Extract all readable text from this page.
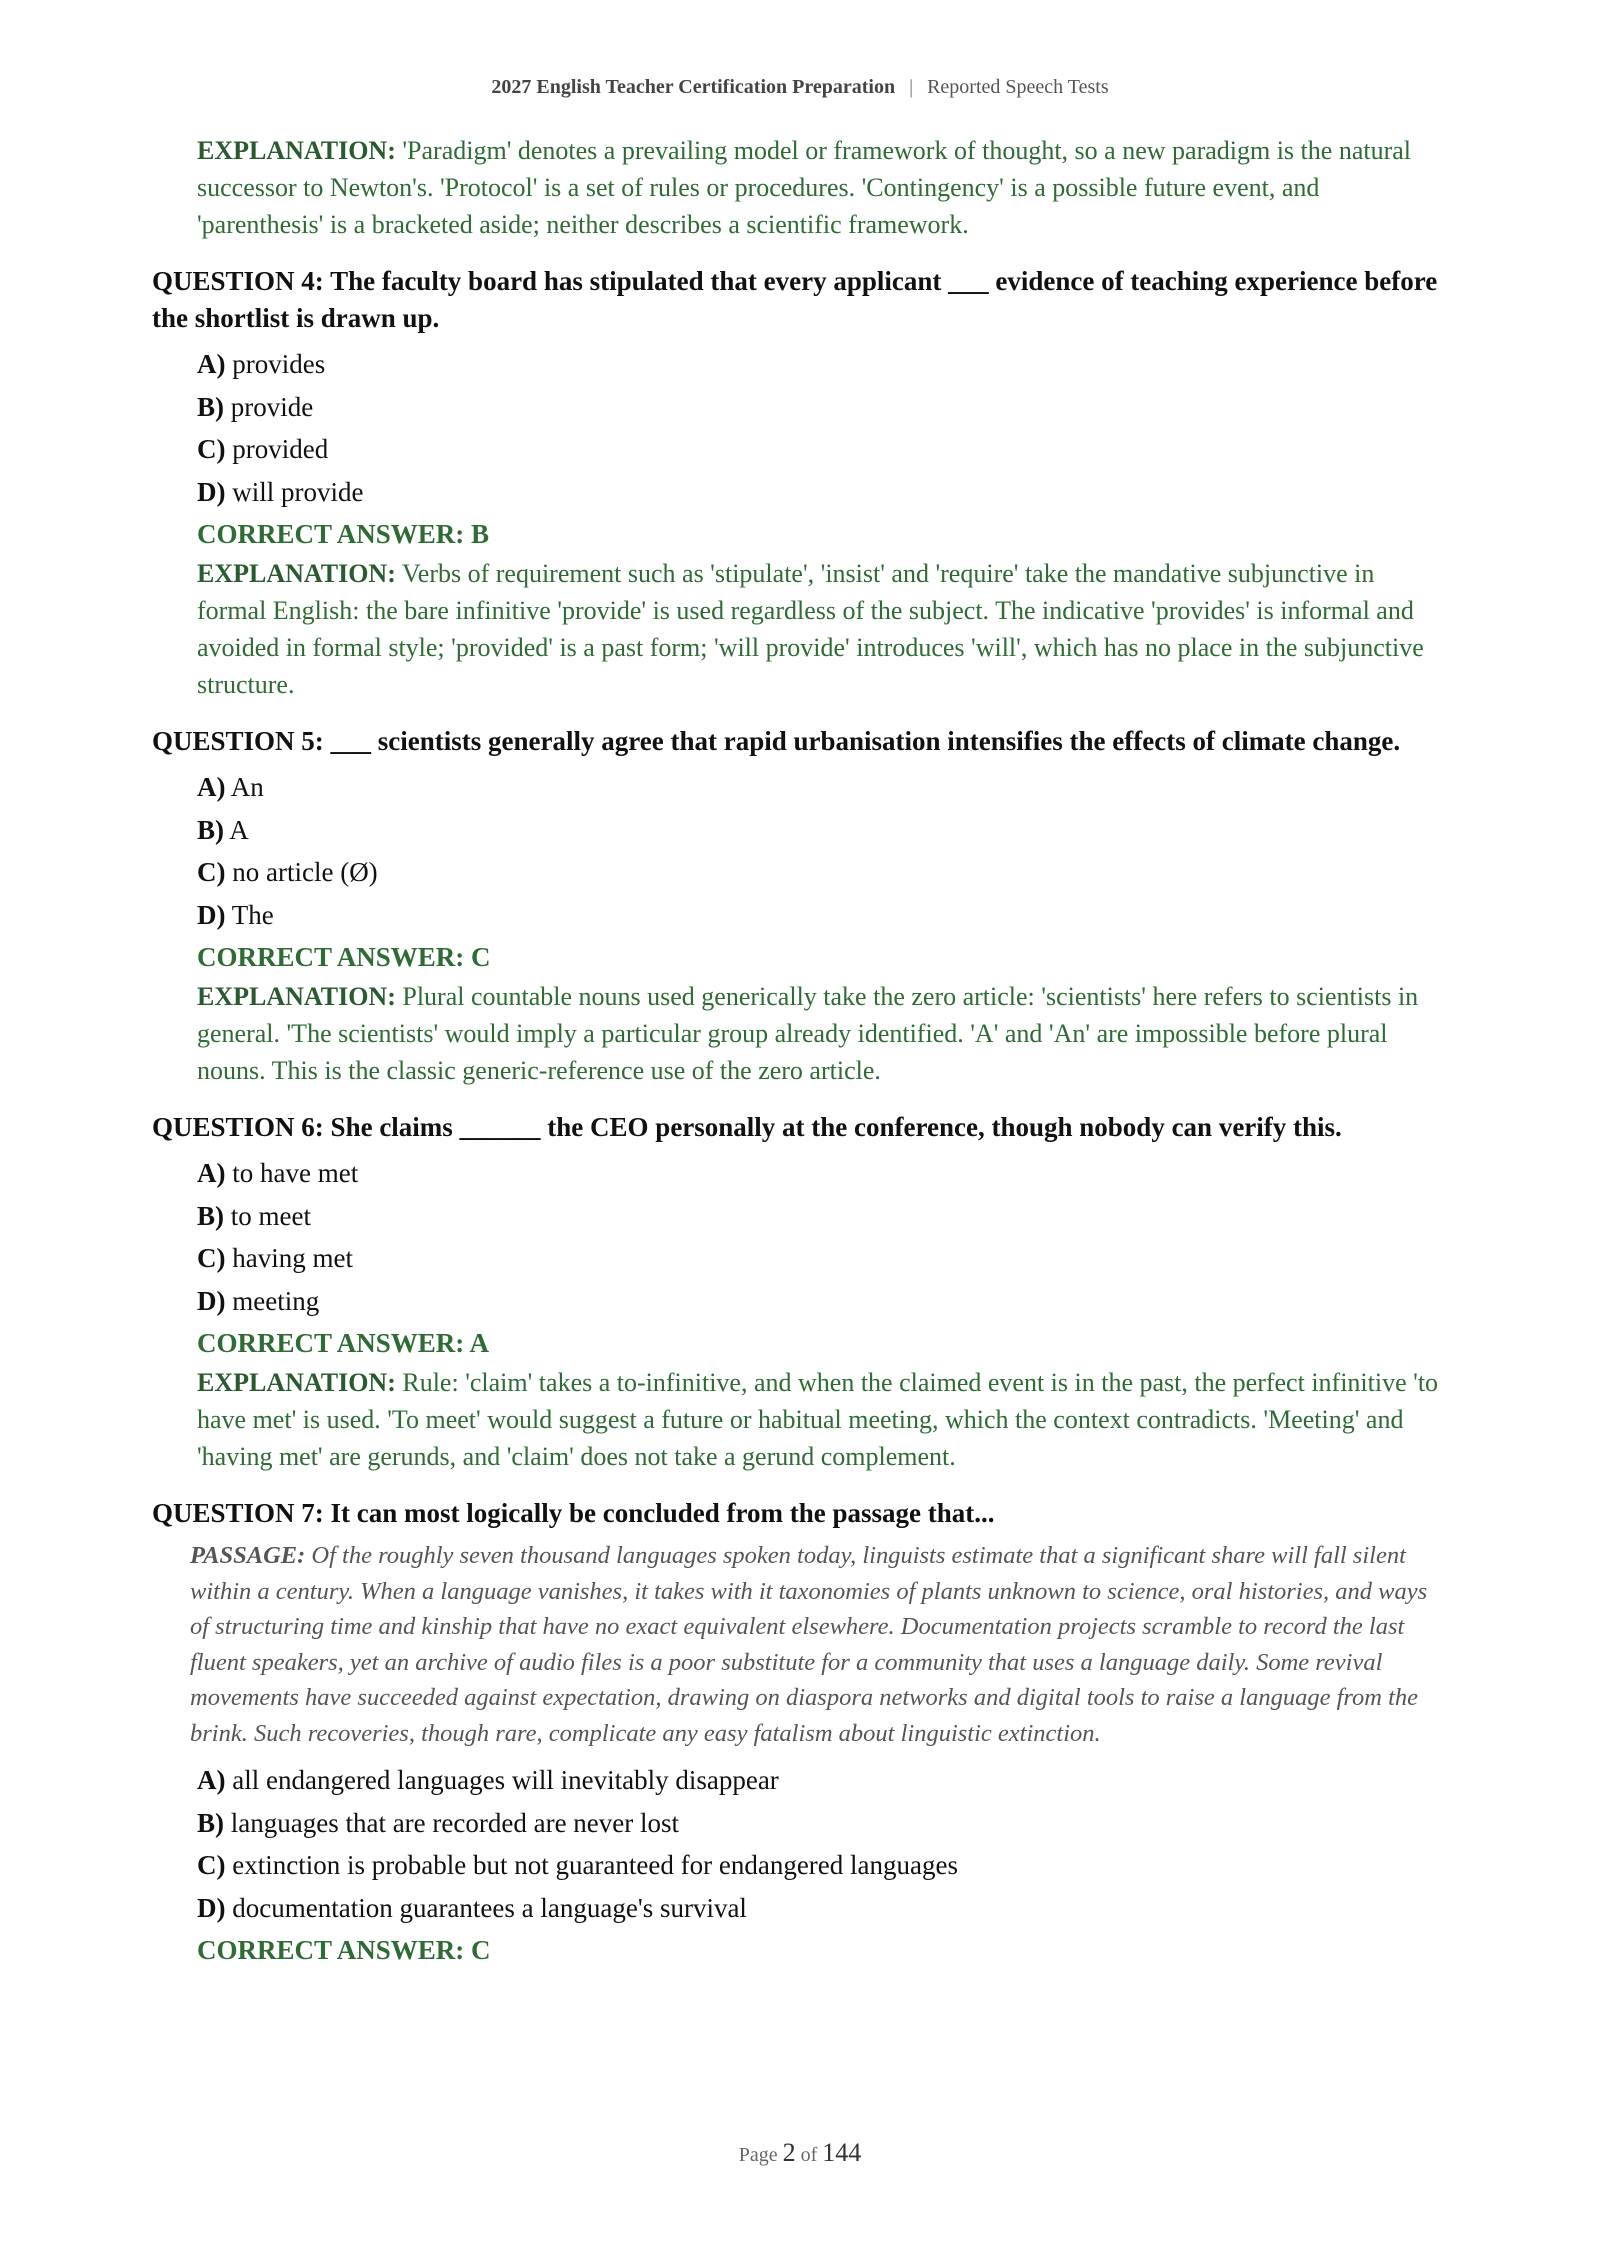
2027 English Teacher Certification Preparation | Reported Speech Tests

EXPLANATION: 'Paradigm' denotes a prevailing model or framework of thought, so a new paradigm is the natural successor to Newton's. 'Protocol' is a set of rules or procedures. 'Contingency' is a possible future event, and 'parenthesis' is a bracketed aside; neither describes a scientific framework.

QUESTION 4: The faculty board has stipulated that every applicant ___ evidence of teaching experience before the shortlist is drawn up.

A) provides
B) provide
C) provided
D) will provide
CORRECT ANSWER: B

EXPLANATION: Verbs of requirement such as 'stipulate', 'insist' and 'require' take the mandative subjunctive in formal English: the bare infinitive 'provide' is used regardless of the subject. The indicative 'provides' is informal and avoided in formal style; 'provided' is a past form; 'will provide' introduces 'will', which has no place in the subjunctive structure.

QUESTION 5: ___ scientists generally agree that rapid urbanisation intensifies the effects of climate change.

A) An
B) A
C) no article (Ø)
D) The
CORRECT ANSWER: C

EXPLANATION: Plural countable nouns used generically take the zero article: 'scientists' here refers to scientists in general. 'The scientists' would imply a particular group already identified. 'A' and 'An' are impossible before plural nouns. This is the classic generic-reference use of the zero article.

QUESTION 6: She claims ______ the CEO personally at the conference, though nobody can verify this.

A) to have met
B) to meet
C) having met
D) meeting
CORRECT ANSWER: A

EXPLANATION: Rule: 'claim' takes a to-infinitive, and when the claimed event is in the past, the perfect infinitive 'to have met' is used. 'To meet' would suggest a future or habitual meeting, which the context contradicts. 'Meeting' and 'having met' are gerunds, and 'claim' does not take a gerund complement.

QUESTION 7: It can most logically be concluded from the passage that...

PASSAGE: Of the roughly seven thousand languages spoken today, linguists estimate that a significant share will fall silent within a century. When a language vanishes, it takes with it taxonomies of plants unknown to science, oral histories, and ways of structuring time and kinship that have no exact equivalent elsewhere. Documentation projects scramble to record the last fluent speakers, yet an archive of audio files is a poor substitute for a community that uses a language daily. Some revival movements have succeeded against expectation, drawing on diaspora networks and digital tools to raise a language from the brink. Such recoveries, though rare, complicate any easy fatalism about linguistic extinction.

A) all endangered languages will inevitably disappear
B) languages that are recorded are never lost
C) extinction is probable but not guaranteed for endangered languages
D) documentation guarantees a language's survival
CORRECT ANSWER: C
Page 2 of 144
